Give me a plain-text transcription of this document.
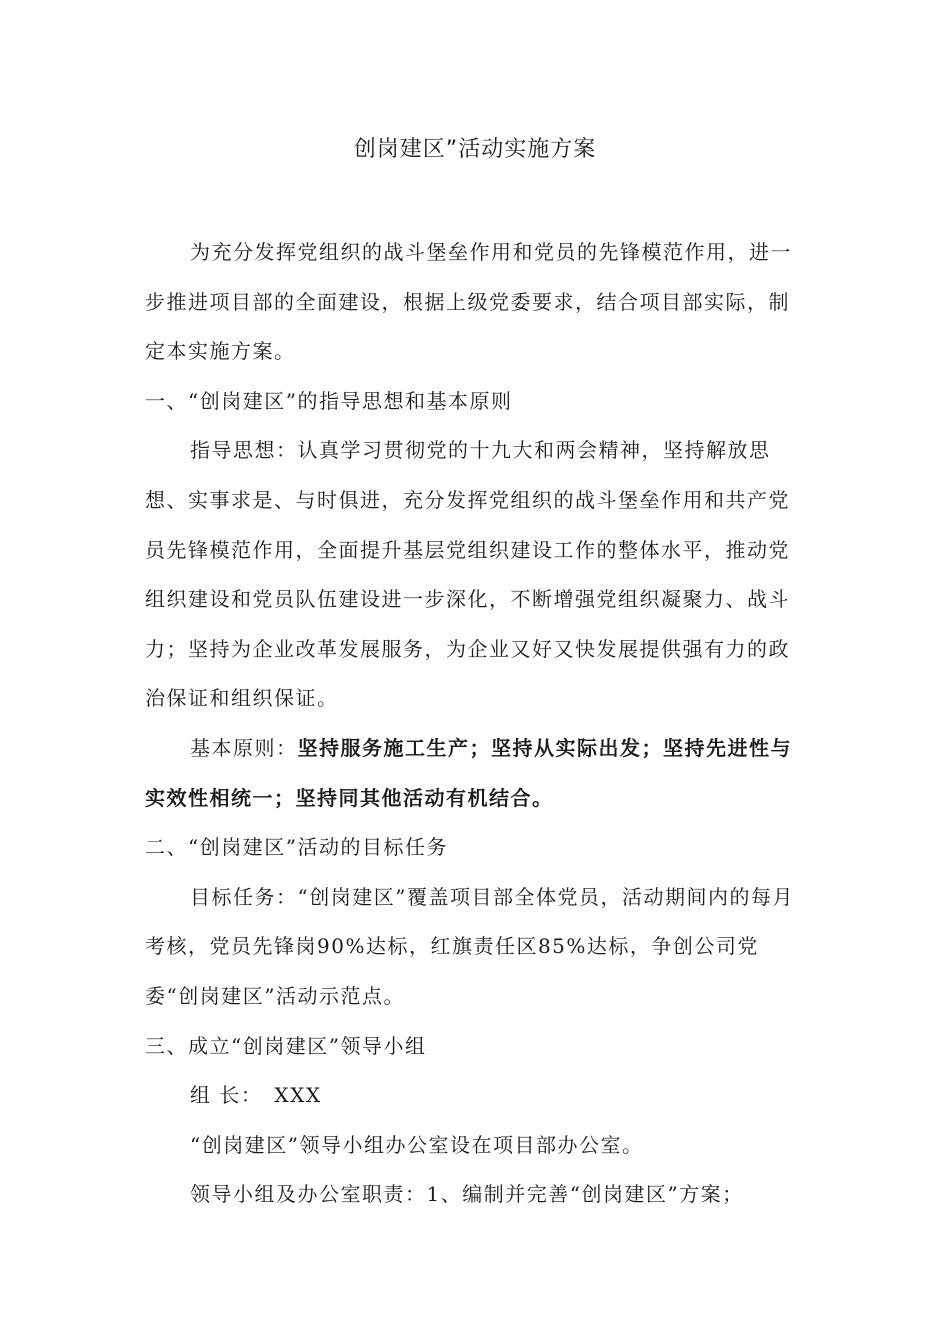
创岗建区”活动实施方案

为充分发挥党组织的战斗堡垒作用和党员的先锋模范作用，进一步推进项目部的全面建设，根据上级党委要求，结合项目部实际，制定本实施方案。

一、“创岗建区”的指导思想和基本原则

指导思想：认真学习贯彻党的十九大和两会精神，坚持解放思想、实事求是、与时俱进，充分发挥党组织的战斗堡垒作用和共产党员先锋模范作用，全面提升基层党组织建设工作的整体水平，推动党组织建设和党员队伍建设进一步深化，不断增强党组织凝聚力、战斗力；坚持为企业改革发展服务，为企业又好又快发展提供强有力的政治保证和组织保证。

基本原则：坚持服务施工生产；坚持从实际出发；坚持先进性与实效性相统一；坚持同其他活动有机结合。

二、“创岗建区”活动的目标任务

目标任务：“创岗建区”覆盖项目部全体党员，活动期间内的每月考核，党员先锋岗90%达标，红旗责任区85%达标，争创公司党委“创岗建区”活动示范点。

三、成立“创岗建区”领导小组

组 长： XXX

“创岗建区”领导小组办公室设在项目部办公室。

领导小组及办公室职责：1、编制并完善“创岗建区”方案；
